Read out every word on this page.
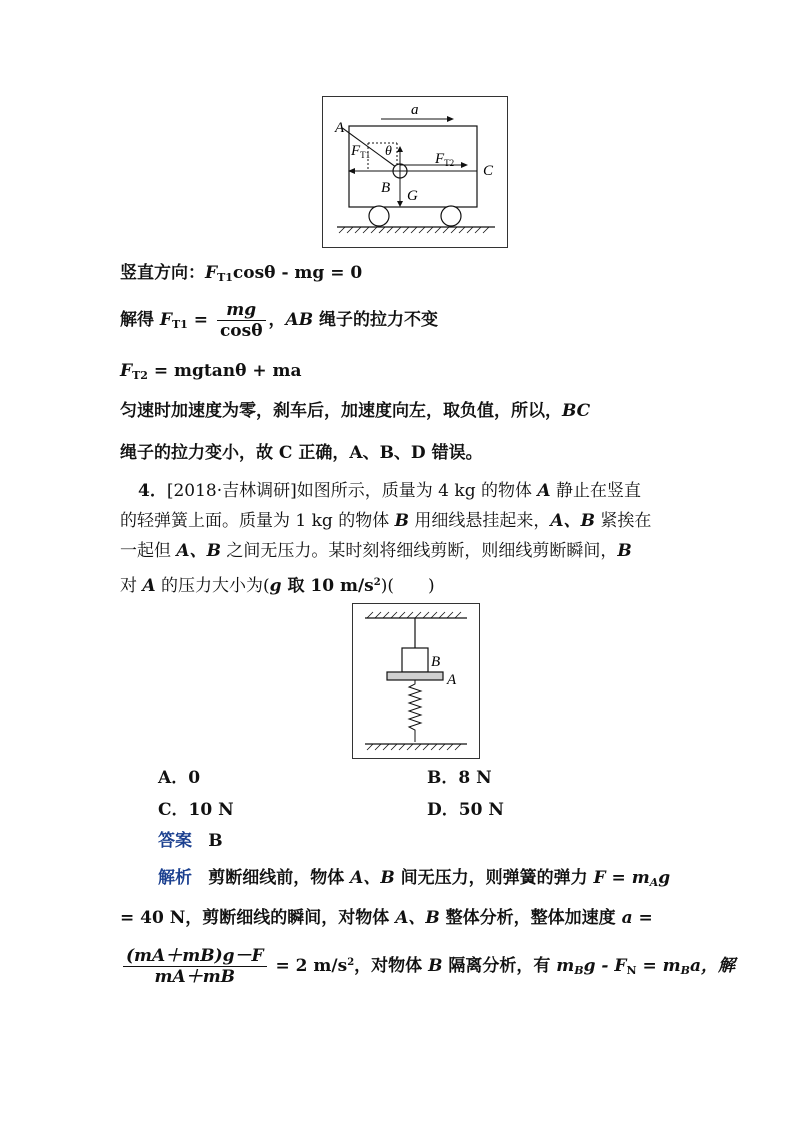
a
A
$F_{T1}$ θ	$F_{T2}$ C
B G
竖直方向：$F_{T1}\cos\theta$ - mg = 0
解得 $F_{T1} = \frac{mg}{\cos\theta}$ ，AB 绳子的拉力不变
$F_{T2} = mgtan\theta$ + ma
匀速时加速度为零，刹车后，加速度向左，取负值，所以，BC
绳子的拉力变小，故 C 正确，A、B、D 错误。
4．[2018·吉林调研]如图所示，质量为 4 kg 的物体 A 静止在竖直
的轻弹簧上面。质量为 1 kg 的物体 B 用细线悬挂起来，A、B 紧挨在
一起但 A、B 之间无压力。某时刻将细线剪断，则细线剪断瞬间，B
对 A 的压力大小为(g 取 10 $m/s^2$)(　　)
B
A
A．0	B．8 N
C．10 N	D．50 N
答案 B
解析 剪断细线前，物体 A、B 间无压力，则弹簧的弹力 $F = m_Ag$
= 40 N，剪断细线的瞬间，对物体 A、B 整体分析，整体加速度 a =
$\frac{(mA+mB)g-F}{mA+mB} = 2$ $m/s^2$，对物体 B 隔离分析，有 $m_Bg - F_N = m_Ba$，解
